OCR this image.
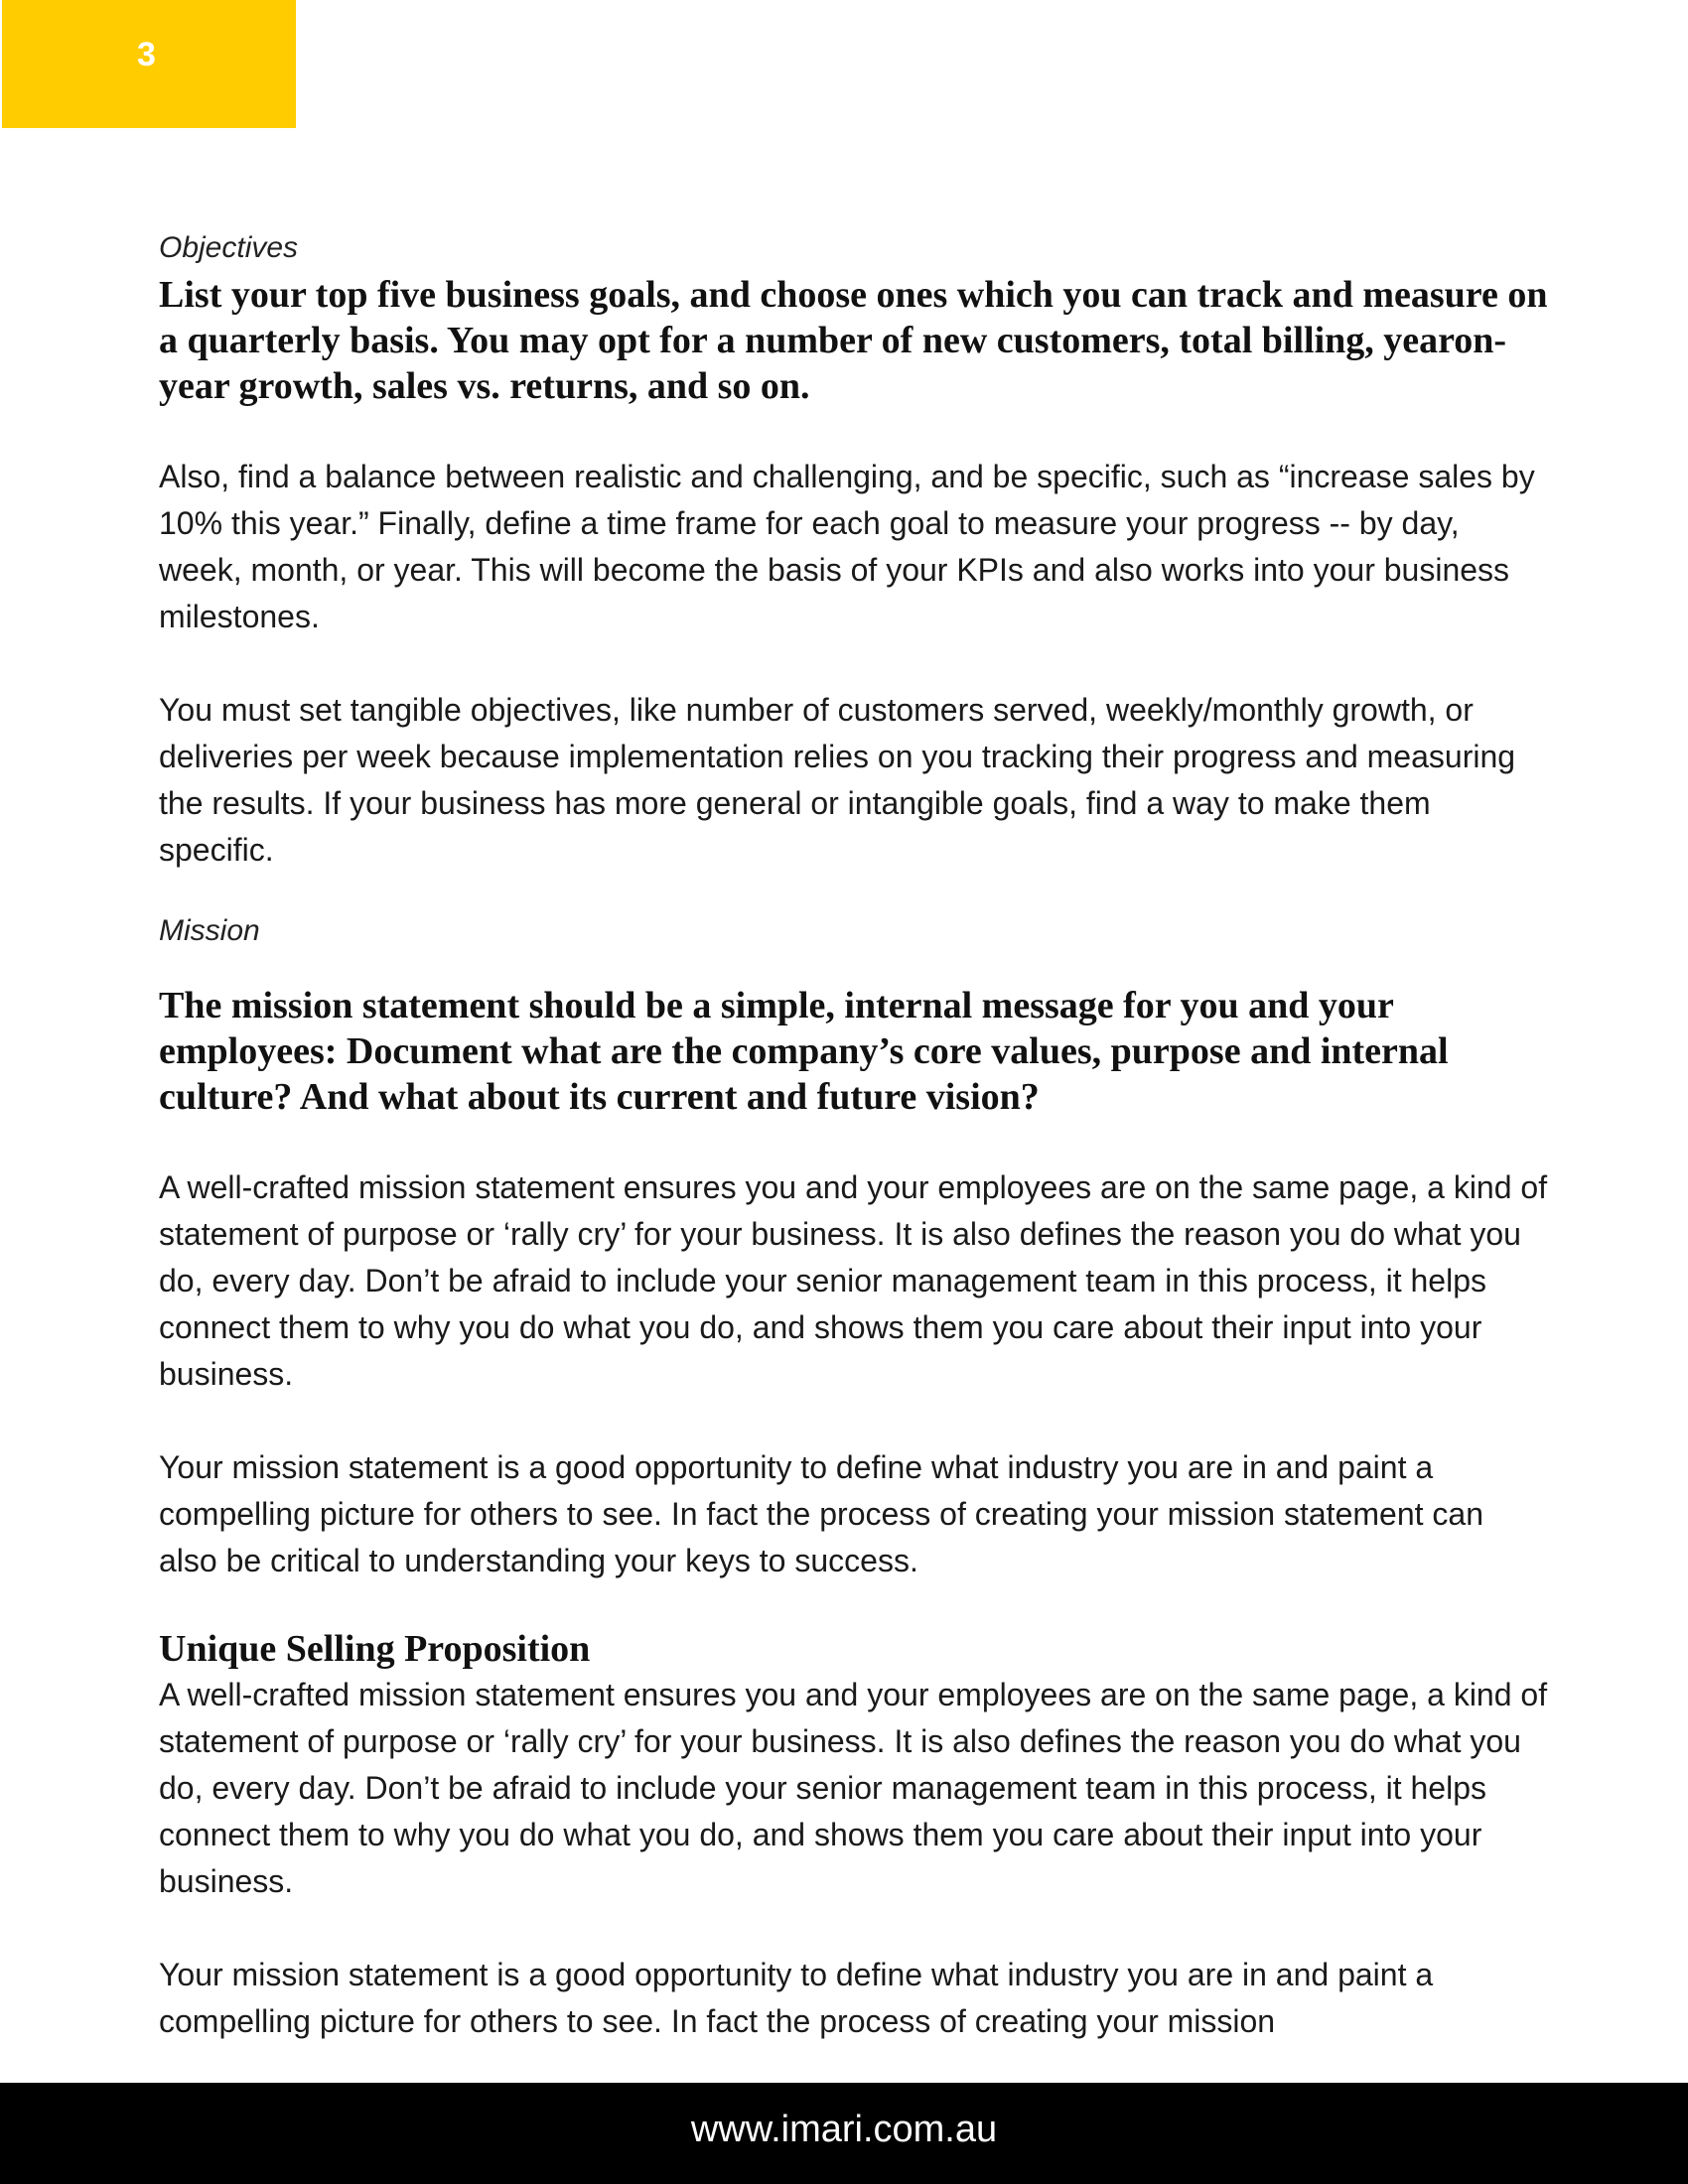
3

Objectives

List your top five business goals, and choose ones which you can track and measure on a quarterly basis. You may opt for a number of new customers, total billing, yearon- year growth, sales vs. returns, and so on.

Also, find a balance between realistic and challenging, and be specific, such as “increase sales by 10% this year.” Finally, define a time frame for each goal to measure your progress -- by day, week, month, or year. This will become the basis of your KPIs and also works into your business milestones.

You must set tangible objectives, like number of customers served, weekly/monthly growth, or deliveries per week because implementation relies on you tracking their progress and measuring the results. If your business has more general or intangible goals, find a way to make them specific.

Mission

The mission statement should be a simple, internal message for you and your employees: Document what are the company’s core values, purpose and internal culture? And what about its current and future vision?

A well-crafted mission statement ensures you and your employees are on the same page, a kind of statement of purpose or ‘rally cry’ for your business. It is also defines the reason you do what you do, every day. Don’t be afraid to include your senior management team in this process, it helps connect them to why you do what you do, and shows them you care about their input into your business.

Your mission statement is a good opportunity to define what industry you are in and paint a compelling picture for others to see. In fact the process of creating your mission statement can also be critical to understanding your keys to success.

Unique Selling Proposition

A well-crafted mission statement ensures you and your employees are on the same page, a kind of statement of purpose or ‘rally cry’ for your business. It is also defines the reason you do what you do, every day. Don’t be afraid to include your senior management team in this process, it helps connect them to why you do what you do, and shows them you care about their input into your business.

Your mission statement is a good opportunity to define what industry you are in and paint a compelling picture for others to see. In fact the process of creating your mission

www.imari.com.au
